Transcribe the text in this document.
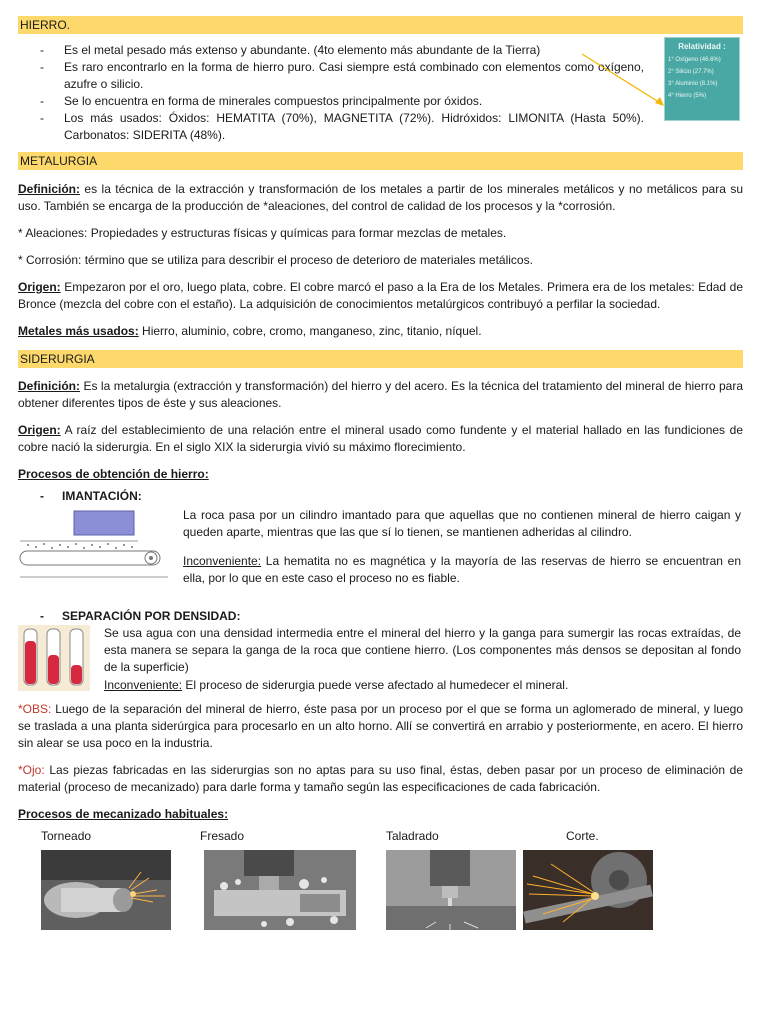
HIERRO.
- Es el metal pesado más extenso y abundante. (4to elemento más abundante de la Tierra)
- Es raro encontrarlo en la forma de hierro puro. Casi siempre está combinado con elementos como oxígeno, azufre o silicio.
- Se lo encuentra en forma de minerales compuestos principalmente por óxidos.
- Los más usados: Óxidos: HEMATITA (70%), MAGNETITA (72%). Hidróxidos: LIMONITA (Hasta 50%). Carbonatos: SIDERITA (48%).
Relatividad :
1° Oxígeno (46.6%)
2° Silicio (27.7%)
3° Aluminio (8.1%)
4° Hierro (5%)
METALURGIA

Definición: es la técnica de la extracción y transformación de los metales a partir de los minerales metálicos y no metálicos para su uso. También se encarga de la producción de *aleaciones, del control de calidad de los procesos y la *corrosión.

* Aleaciones: Propiedades y estructuras físicas y químicas para formar mezclas de metales.

* Corrosión: término que se utiliza para describir el proceso de deterioro de materiales metálicos.

Origen: Empezaron por el oro, luego plata, cobre. El cobre marcó el paso a la Era de los Metales. Primera era de los metales: Edad de Bronce (mezcla del cobre con el estaño). La adquisición de conocimientos metalúrgicos contribuyó a perfilar la sociedad.

Metales más usados: Hierro, aluminio, cobre, cromo, manganeso, zinc, titanio, níquel.

SIDERURGIA

Definición: Es la metalurgia (extracción y transformación) del hierro y del acero. Es la técnica del tratamiento del mineral de hierro para obtener diferentes tipos de éste y sus aleaciones.

Origen: A raíz del establecimiento de una relación entre el mineral usado como fundente y el material hallado en las fundiciones de cobre nació la siderurgia. En el siglo XIX la siderurgia vivió su máximo florecimiento.

Procesos de obtención de hierro:

- IMANTACIÓN:

La roca pasa por un cilindro imantado para que aquellas que no contienen mineral de hierro caigan y queden aparte, mientras que las que sí lo tienen, se mantienen adheridas al cilindro.

Inconveniente: La hematita no es magnética y la mayoría de las reservas de hierro se encuentran en ella, por lo que en este caso el proceso no es fiable.

- SEPARACIÓN POR DENSIDAD:

Se usa agua con una densidad intermedia entre el mineral del hierro y la ganga para sumergir las rocas extraídas, de esta manera se separa la ganga de la roca que contiene hierro. (Los componentes más densos se depositan al fondo de la superficie)

Inconveniente: El proceso de siderurgia puede verse afectado al humedecer el mineral.

*OBS: Luego de la separación del mineral de hierro, éste pasa por un proceso por el que se forma un aglomerado de mineral, y luego se traslada a una planta siderúrgica para procesarlo en un alto horno. Allí se convertirá en arrabio y posteriormente, en acero. El hierro sin alear se usa poco en la industria.

*Ojo: Las piezas fabricadas en las siderurgias son no aptas para su uso final, éstas, deben pasar por un proceso de eliminación de material (proceso de mecanizado) para darle forma y tamaño según las especificaciones de cada fabricación.

Procesos de mecanizado habituales:

Torneado	Fresado	Taladrado	Corte.
